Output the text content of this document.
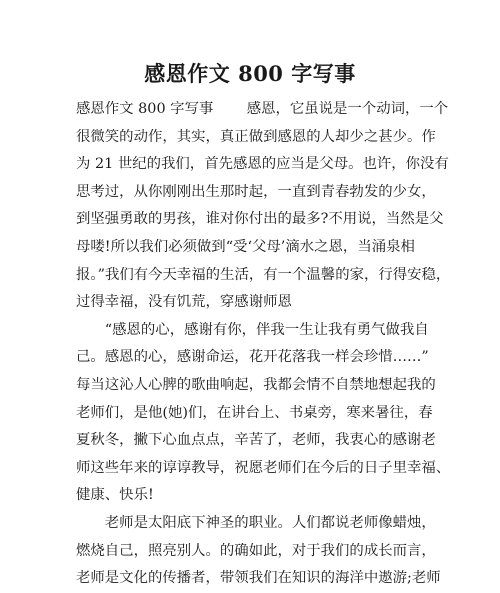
感恩作文 800 字写事
感恩作文 800 字写事　　 感恩，它虽说是一个动词，一个
很微笑的动作，其实，真正做到感恩的人却少之甚少。作
为 21 世纪的我们，首先感恩的应当是父母。也许，你没有
思考过，从你刚刚出生那时起，一直到青春勃发的少女，
到坚强勇敢的男孩，谁对你付出的最多?不用说，当然是父
母喽!所以我们必须做到“受‘父母’滴水之恩，当涌泉相
报。”我们有今天幸福的生活，有一个温馨的家，行得安稳，
过得幸福，没有饥荒，穿感谢师恩
　　“感恩的心，感谢有你，伴我一生让我有勇气做我自
己。感恩的心，感谢命运，花开花落我一样会珍惜……”
每当这沁人心脾的歌曲响起，我都会情不自禁地想起我的
老师们，是他(她)们，在讲台上、书桌旁，寒来暑往，春
夏秋冬，撇下心血点点，辛苦了，老师，我衷心的感谢老
师这些年来的谆谆教导，祝愿老师们在今后的日子里幸福、
健康、快乐!
　　老师是太阳底下神圣的职业。人们都说老师像蜡烛，
燃烧自己，照亮别人。的确如此，对于我们的成长而言，
老师是文化的传播者，带领我们在知识的海洋中遨游;老师
